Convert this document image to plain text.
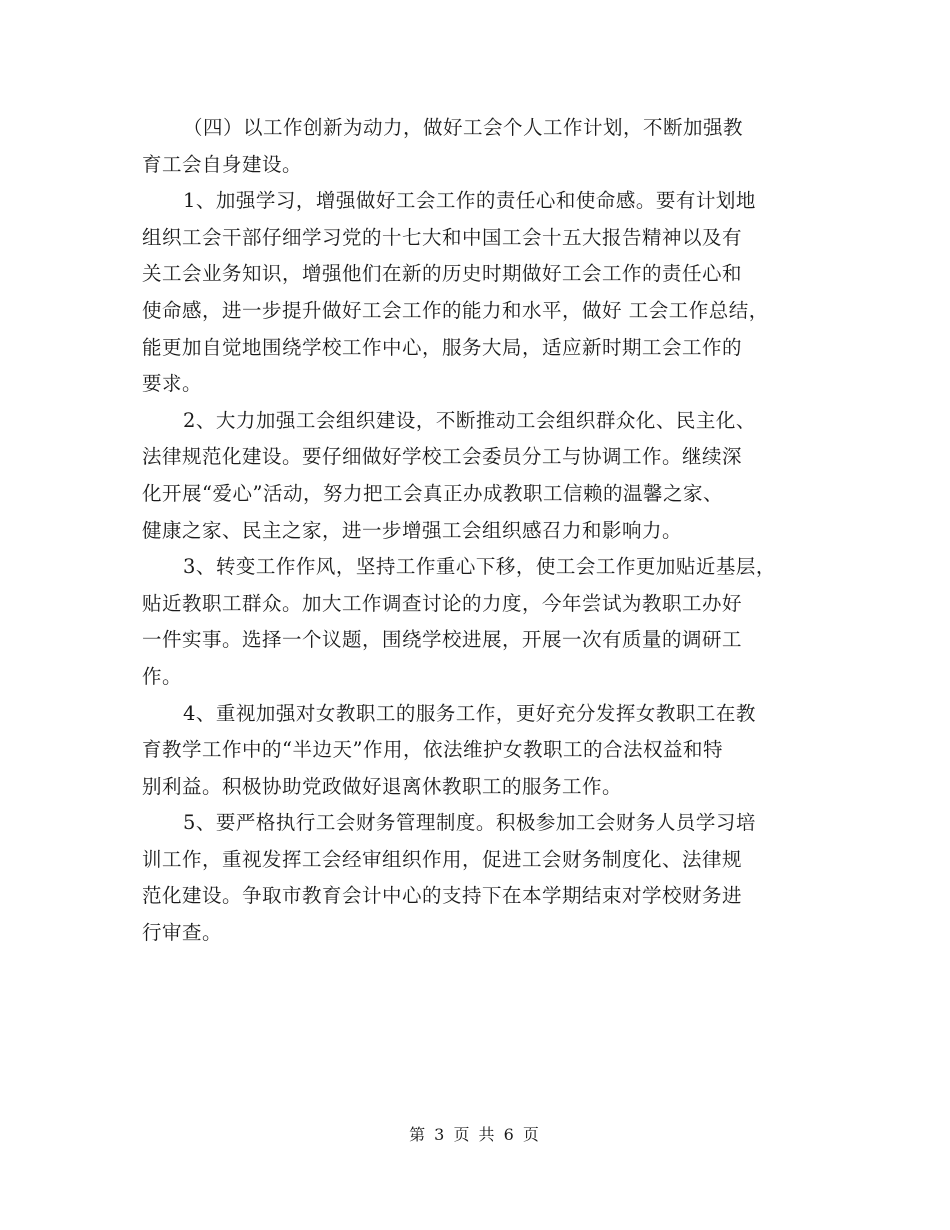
（四）以工作创新为动力，做好工会个人工作计划，不断加强教
育工会自身建设。
1、加强学习，增强做好工会工作的责任心和使命感。要有计划地
组织工会干部仔细学习党的十七大和中国工会十五大报告精神以及有
关工会业务知识，增强他们在新的历史时期做好工会工作的责任心和
使命感，进一步提升做好工会工作的能力和水平，做好 工会工作总结，
能更加自觉地围绕学校工作中心，服务大局，适应新时期工会工作的
要求。
2、大力加强工会组织建设，不断推动工会组织群众化、民主化、
法律规范化建设。要仔细做好学校工会委员分工与协调工作。继续深
化开展“爱心”活动，努力把工会真正办成教职工信赖的温馨之家、
健康之家、民主之家，进一步增强工会组织感召力和影响力。
3、转变工作作风，坚持工作重心下移，使工会工作更加贴近基层，
贴近教职工群众。加大工作调查讨论的力度，今年尝试为教职工办好
一件实事。选择一个议题，围绕学校进展，开展一次有质量的调研工
作。
4、重视加强对女教职工的服务工作，更好充分发挥女教职工在教
育教学工作中的“半边天”作用，依法维护女教职工的合法权益和特
别利益。积极协助党政做好退离休教职工的服务工作。
5、要严格执行工会财务管理制度。积极参加工会财务人员学习培
训工作，重视发挥工会经审组织作用，促进工会财务制度化、法律规
范化建设。争取市教育会计中心的支持下在本学期结束对学校财务进
行审查。
第 3 页 共 6 页
